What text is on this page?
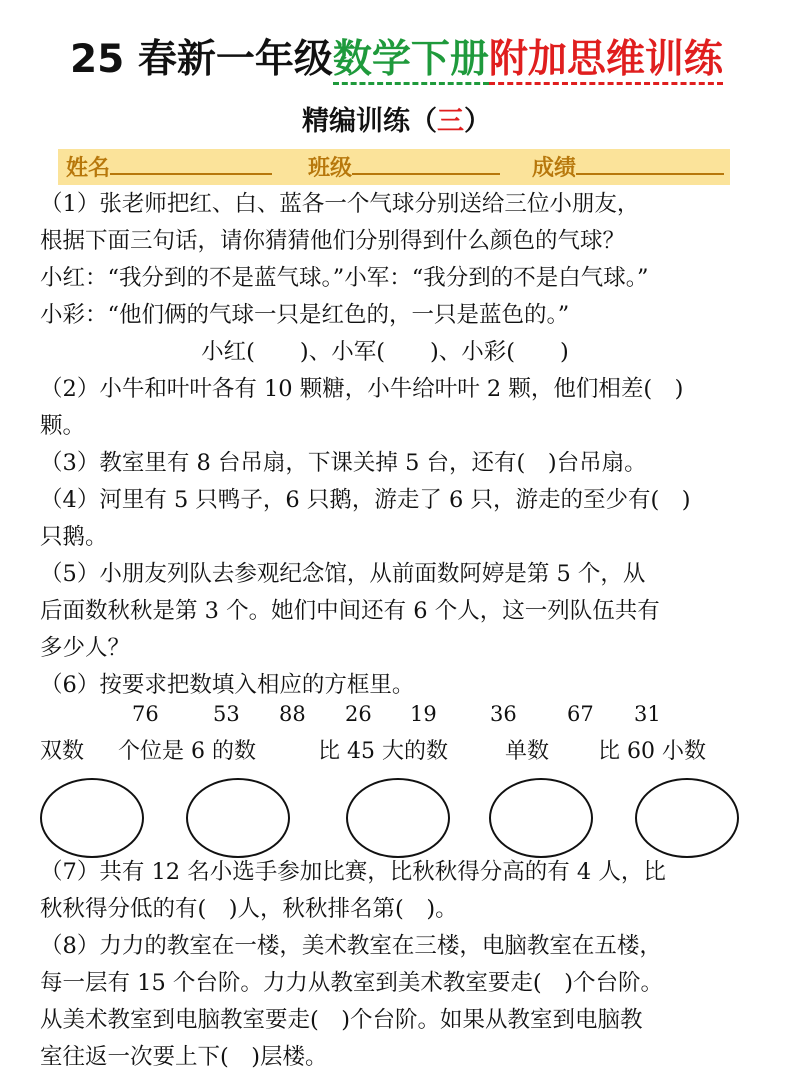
25 春新一年级数学下册附加思维训练
精编训练（三）
姓名	班级	成绩
（1）张老师把红、白、蓝各一个气球分别送给三位小朋友，
根据下面三句话，请你猜猜他们分别得到什么颜色的气球？
小红：“我分到的不是蓝气球。”小军：“我分到的不是白气球。”
小彩：“他们俩的气球一只是红色的，一只是蓝色的。”
小红(　　)、小军(　　)、小彩(　　)
（2）小牛和叶叶各有 10 颗糖，小牛给叶叶 2 颗，他们相差(　)
颗。
（3）教室里有 8 台吊扇，下课关掉 5 台，还有(　)台吊扇。
（4）河里有 5 只鸭子，6 只鹅，游走了 6 只，游走的至少有(　)
只鹅。
（5）小朋友列队去参观纪念馆，从前面数阿婷是第 5 个，从
后面数秋秋是第 3 个。她们中间还有 6 个人，这一列队伍共有
多少人？
（6）按要求把数填入相应的方框里。
76	53 88 26 19	36 67 31
双数 个位是 6 的数	比 45 大的数	单数 比 60 小数
（7）共有 12 名小选手参加比赛，比秋秋得分高的有 4 人，比
秋秋得分低的有(　)人，秋秋排名第(　)。
（8）力力的教室在一楼，美术教室在三楼，电脑教室在五楼，
每一层有 15 个台阶。力力从教室到美术教室要走(　)个台阶。
从美术教室到电脑教室要走(　)个台阶。如果从教室到电脑教
室往返一次要上下(　)层楼。
